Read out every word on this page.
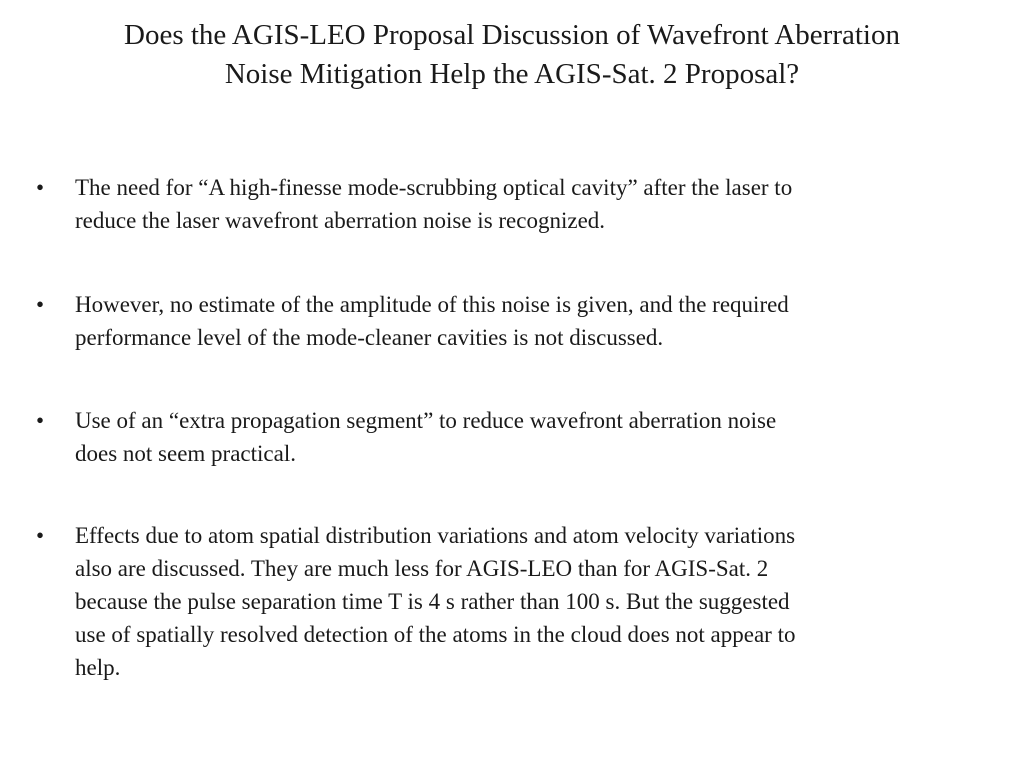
Does the AGIS-LEO Proposal Discussion of Wavefront Aberration
Noise Mitigation Help the AGIS-Sat. 2 Proposal?
• The need for “A high-finesse mode-scrubbing optical cavity” after the laser to
reduce the laser wavefront aberration noise is recognized.
• However, no estimate of the amplitude of this noise is given, and the required
performance level of the mode-cleaner cavities is not discussed.
• Use of an “extra propagation segment” to reduce wavefront aberration noise
does not seem practical.
• Effects due to atom spatial distribution variations and atom velocity variations
also are discussed. They are much less for AGIS-LEO than for AGIS-Sat. 2
because the pulse separation time T is 4 s rather than 100 s. But the suggested
use of spatially resolved detection of the atoms in the cloud does not appear to
help.
